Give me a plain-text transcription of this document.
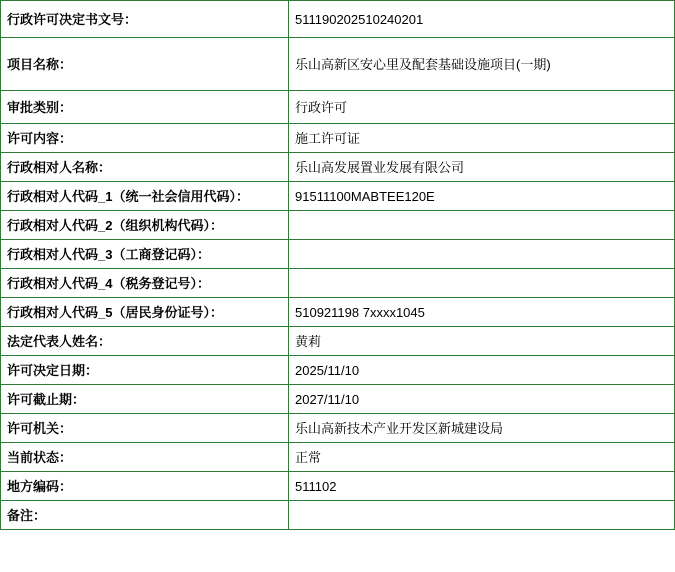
行政许可决定书文号：	511190202510240201
项目名称：	乐山高新区安心里及配套基础设施项目(一期)
审批类别：	行政许可
许可内容：	施工许可证
行政相对人名称：	乐山高发展置业发展有限公司
行政相对人代码_1（统一社会信用代码）：	91511100MABTEE120E
行政相对人代码_2（组织机构代码）：	
行政相对人代码_3（工商登记码）：	
行政相对人代码_4（税务登记号）：	
行政相对人代码_5（居民身份证号）：	510921198 7xxxx1045
法定代表人姓名：	黄莉
许可决定日期：	2025/11/10
许可截止期：	2027/11/10
许可机关：	乐山高新技术产业开发区新城建设局
当前状态：	正常
地方编码：	511102
备注：	
